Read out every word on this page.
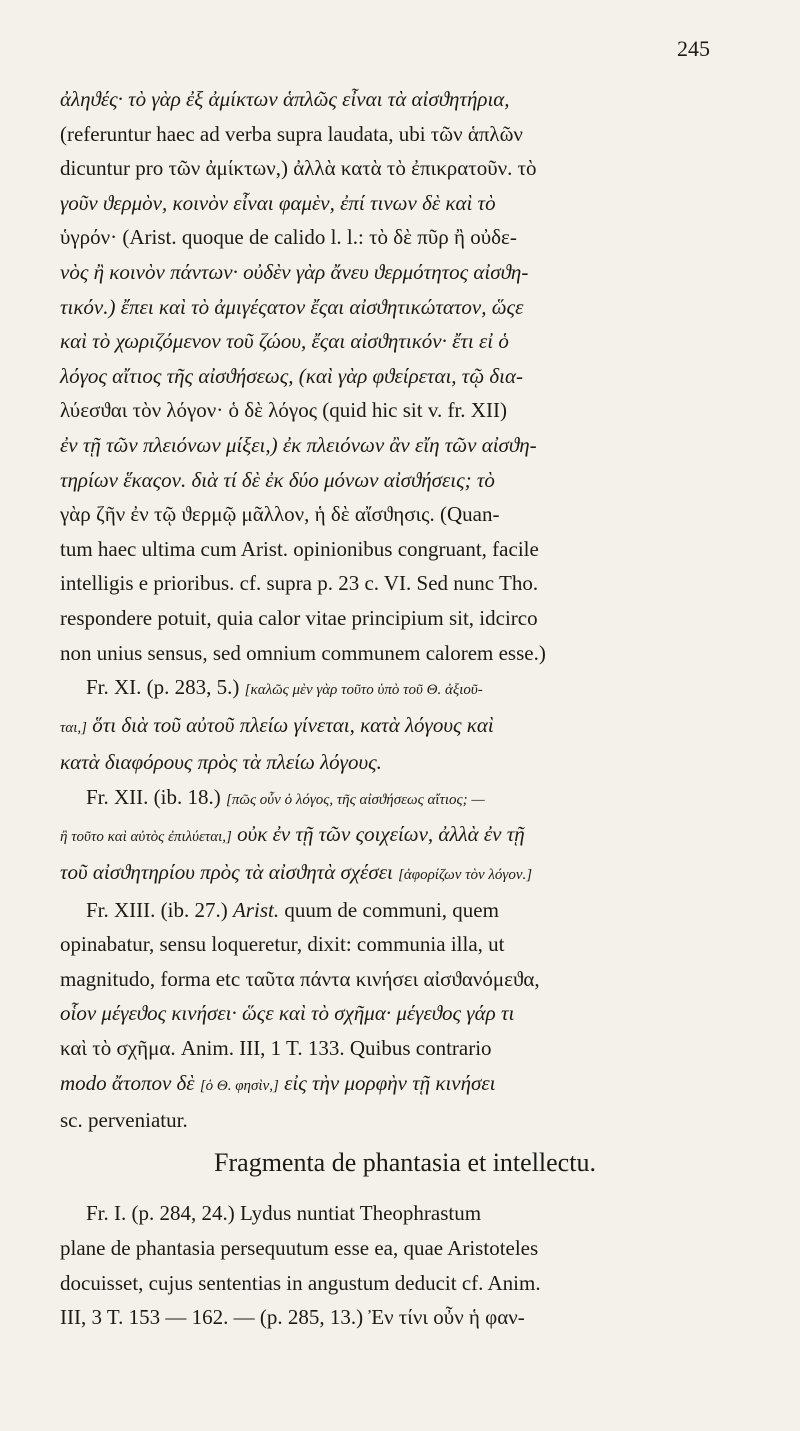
245

ἀληϑές· τὸ γὰρ ἐξ ἀμίκτων ἁπλῶς εἶναι τὰ αἰσϑητήρια,

(referuntur haec ad verba supra laudata, ubi τῶν ἁπλῶν

dicuntur pro τῶν ἀμίκτων,) ἀλλὰ κατὰ τὸ ἐπικρατοῦν. τὸ

γοῦν ϑερμὸν, κοινὸν εἶναι φαμὲν, ἐπί τινων δὲ καὶ τὸ

ὑγρόν· (Arist. quoque de calido l. l.: τὸ δὲ πῦρ ἢ οὐδε-

νὸς ἢ κοινὸν πάντων· οὐδὲν γὰρ ἄνευ ϑερμότητος αἰσϑη-

τικόν.) ἔπει καὶ τὸ ἀμιγέςατον ἔςαι αἰσϑητικώτατον, ὥςε

καὶ τὸ χωριζόμενον τοῦ ζώου, ἔςαι αἰσϑητικόν· ἔτι εἰ ὁ

λόγος αἴτιος τῆς αἰσϑήσεως, (καὶ γὰρ φϑείρεται, τῷ δια-

λύεσϑαι τὸν λόγον· ὁ δὲ λόγος (quid hic sit v. fr. XII)

ἐν τῇ τῶν πλειόνων μίξει,) ἐκ πλειόνων ἂν εἴη τῶν αἰσϑη-

τηρίων ἕκαςον. διὰ τί δὲ ἐκ δύο μόνων αἰσϑήσεις; τὸ

γὰρ ζῆν ἐν τῷ ϑερμῷ μᾶλλον, ἡ δὲ αἴσϑησις. (Quan-

tum haec ultima cum Arist. opinionibus congruant, facile

intelligis e prioribus. cf. supra p. 23 c. VI. Sed nunc Tho.

respondere potuit, quia calor vitae principium sit, idcirco

non unius sensus, sed omnium communem calorem esse.)

Fr. XI. (p. 283, 5.) [καλῶς μὲν γὰρ τοῦτο ὑπὸ τοῦ Θ. ἀξιοῦ-

ται,] ὅτι διὰ τοῦ αὐτοῦ πλείω γίνεται, κατὰ λόγους καὶ

κατὰ διαφόρους πρὸς τὰ πλείω λόγους.

Fr. XII. (ib. 18.) [πῶς οὖν ὁ λόγος, τῆς αἰσϑήσεως αἴτιος; —

ἢ τοῦτο καὶ αὐτὸς ἐπιλύεται,] οὐκ ἐν τῇ τῶν ςοιχείων, ἀλλὰ ἐν τῇ

τοῦ αἰσϑητηρίου πρὸς τὰ αἰσϑητὰ σχέσει [ἀφορίζων τὸν λόγον.]

Fr. XIII. (ib. 27.) Arist. quum de communi, quem

opinabatur, sensu loqueretur, dixit: communia illa, ut

magnitudo, forma etc ταῦτα πάντα κινήσει αἰσϑανόμεϑα,

οἷον μέγεϑος κινήσει· ὥςε καὶ τὸ σχῆμα· μέγεϑος γάρ τι

καὶ τὸ σχῆμα. Anim. III, 1 T. 133. Quibus contrario

modo ἄτοπον δὲ [ὁ Θ. φησὶν,] εἰς τὴν μορφὴν τῇ κινήσει

sc. perveniatur.

Fragmenta de phantasia et intellectu.

Fr. I. (p. 284, 24.) Lydus nuntiat Theophrastum

plane de phantasia persequutum esse ea, quae Aristoteles

docuisset, cujus sententias in angustum deducit cf. Anim.

III, 3 T. 153 — 162. — (p. 285, 13.) Ἐν τίνι οὖν ἡ φαν-
